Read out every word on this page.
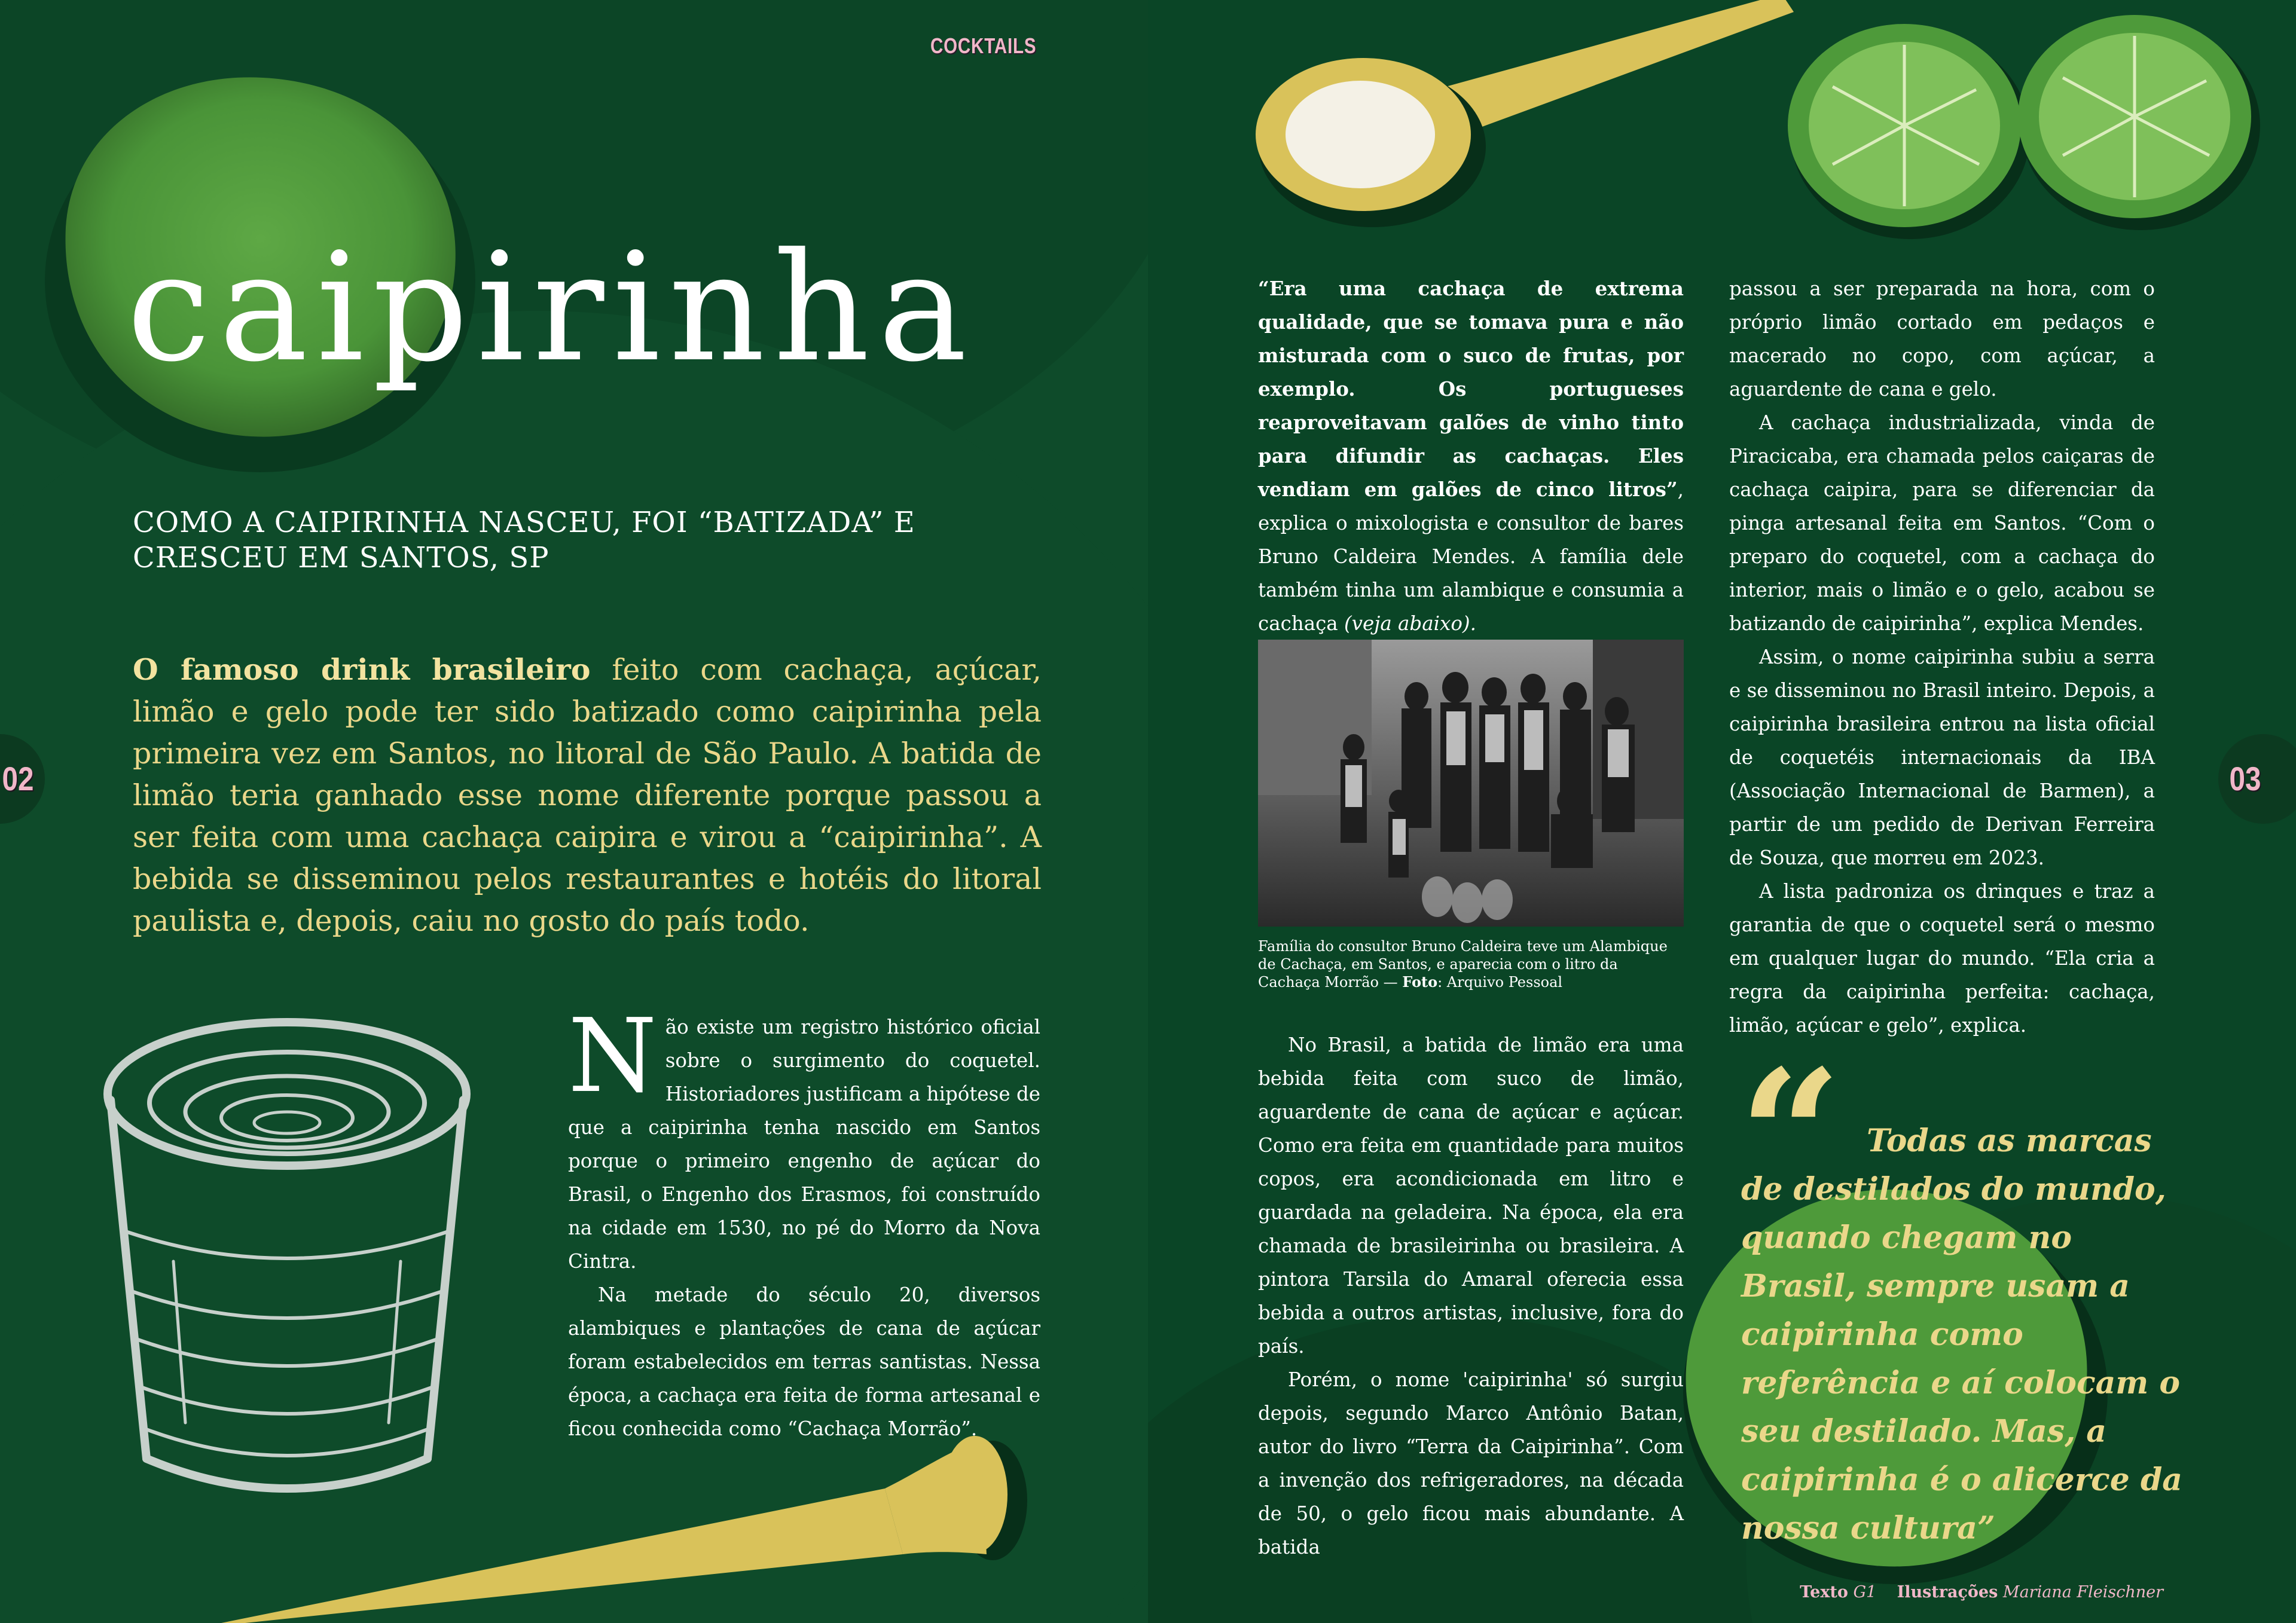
COCKTAILS
caipirinha
COMO A CAIPIRINHA NASCEU, FOI “BATIZADA” E CRESCEU EM SANTOS, SP
O famoso drink brasileiro feito com cachaça, açúcar, limão e gelo pode ter sido batizado como caipirinha pela primeira vez em Santos, no litoral de São Paulo. A batida de limão teria ganhado esse nome diferente porque passou a ser feita com uma cachaça caipira e virou a “caipirinha”. A bebida se disseminou pelos restaurantes e hotéis do litoral paulista e, depois, caiu no gosto do país todo.
02

Não existe um registro histórico oficial sobre o surgimento do coquetel. Historiadores justificam a hipótese de que a caipirinha tenha nascido em Santos porque o primeiro engenho de açúcar do Brasil, o Engenho dos Erasmos, foi construído na cidade em 1530, no pé do Morro da Nova Cintra.

Na metade do século 20, diversos alambiques e plantações de cana de açúcar foram estabelecidos em terras santistas. Nessa época, a cachaça era feita de forma artesanal e ficou conhecida como “Cachaça Morrão”.

03

“Era uma cachaça de extrema qualidade, que se tomava pura e não misturada com o suco de frutas, por exemplo. Os portugueses reaproveitavam galões de vinho tinto para difundir as cachaças. Eles vendiam em galões de cinco litros”, explica o mixologista e consultor de bares Bruno Caldeira Mendes. A família dele também tinha um alambique e consumia a cachaça (veja abaixo).

Família do consultor Bruno Caldeira teve um Alambique de Cachaça, em Santos, e aparecia com o litro da Cachaça Morrão — Foto: Arquivo Pessoal

No Brasil, a batida de limão era uma bebida feita com suco de limão, aguardente de cana de açúcar e açúcar. Como era feita em quantidade para muitos copos, era acondicionada em litro e guardada na geladeira. Na época, ela era chamada de brasileirinha ou brasileira. A pintora Tarsila do Amaral oferecia essa bebida a outros artistas, inclusive, fora do país.

Porém, o nome 'caipirinha' só surgiu depois, segundo Marco Antônio Batan, autor do livro “Terra da Caipirinha”. Com a invenção dos refrigeradores, na década de 50, o gelo ficou mais abundante. A batida

passou a ser preparada na hora, com o próprio limão cortado em pedaços e macerado no copo, com açúcar, a aguardente de cana e gelo.

A cachaça industrializada, vinda de Piracicaba, era chamada pelos caiçaras de cachaça caipira, para se diferenciar da pinga artesanal feita em Santos. “Com o preparo do coquetel, com a cachaça do interior, mais o limão e o gelo, acabou se batizando de caipirinha”, explica Mendes.

Assim, o nome caipirinha subiu a serra e se disseminou no Brasil inteiro. Depois, a caipirinha brasileira entrou na lista oficial de coquetéis internacionais da IBA (Associação Internacional de Barmen), a partir de um pedido de Derivan Ferreira de Souza, que morreu em 2023.

A lista padroniza os drinques e traz a garantia de que o coquetel será o mesmo em qualquer lugar do mundo. “Ela cria a regra da caipirinha perfeita: cachaça, limão, açúcar e gelo”, explica.

“ Todas as marcas de destilados do mundo, quando chegam no Brasil, sempre usam a caipirinha como referência e aí colocam o seu destilado. Mas, a caipirinha é o alicerce da nossa cultura”
Texto G1 Ilustrações Mariana Fleischner
